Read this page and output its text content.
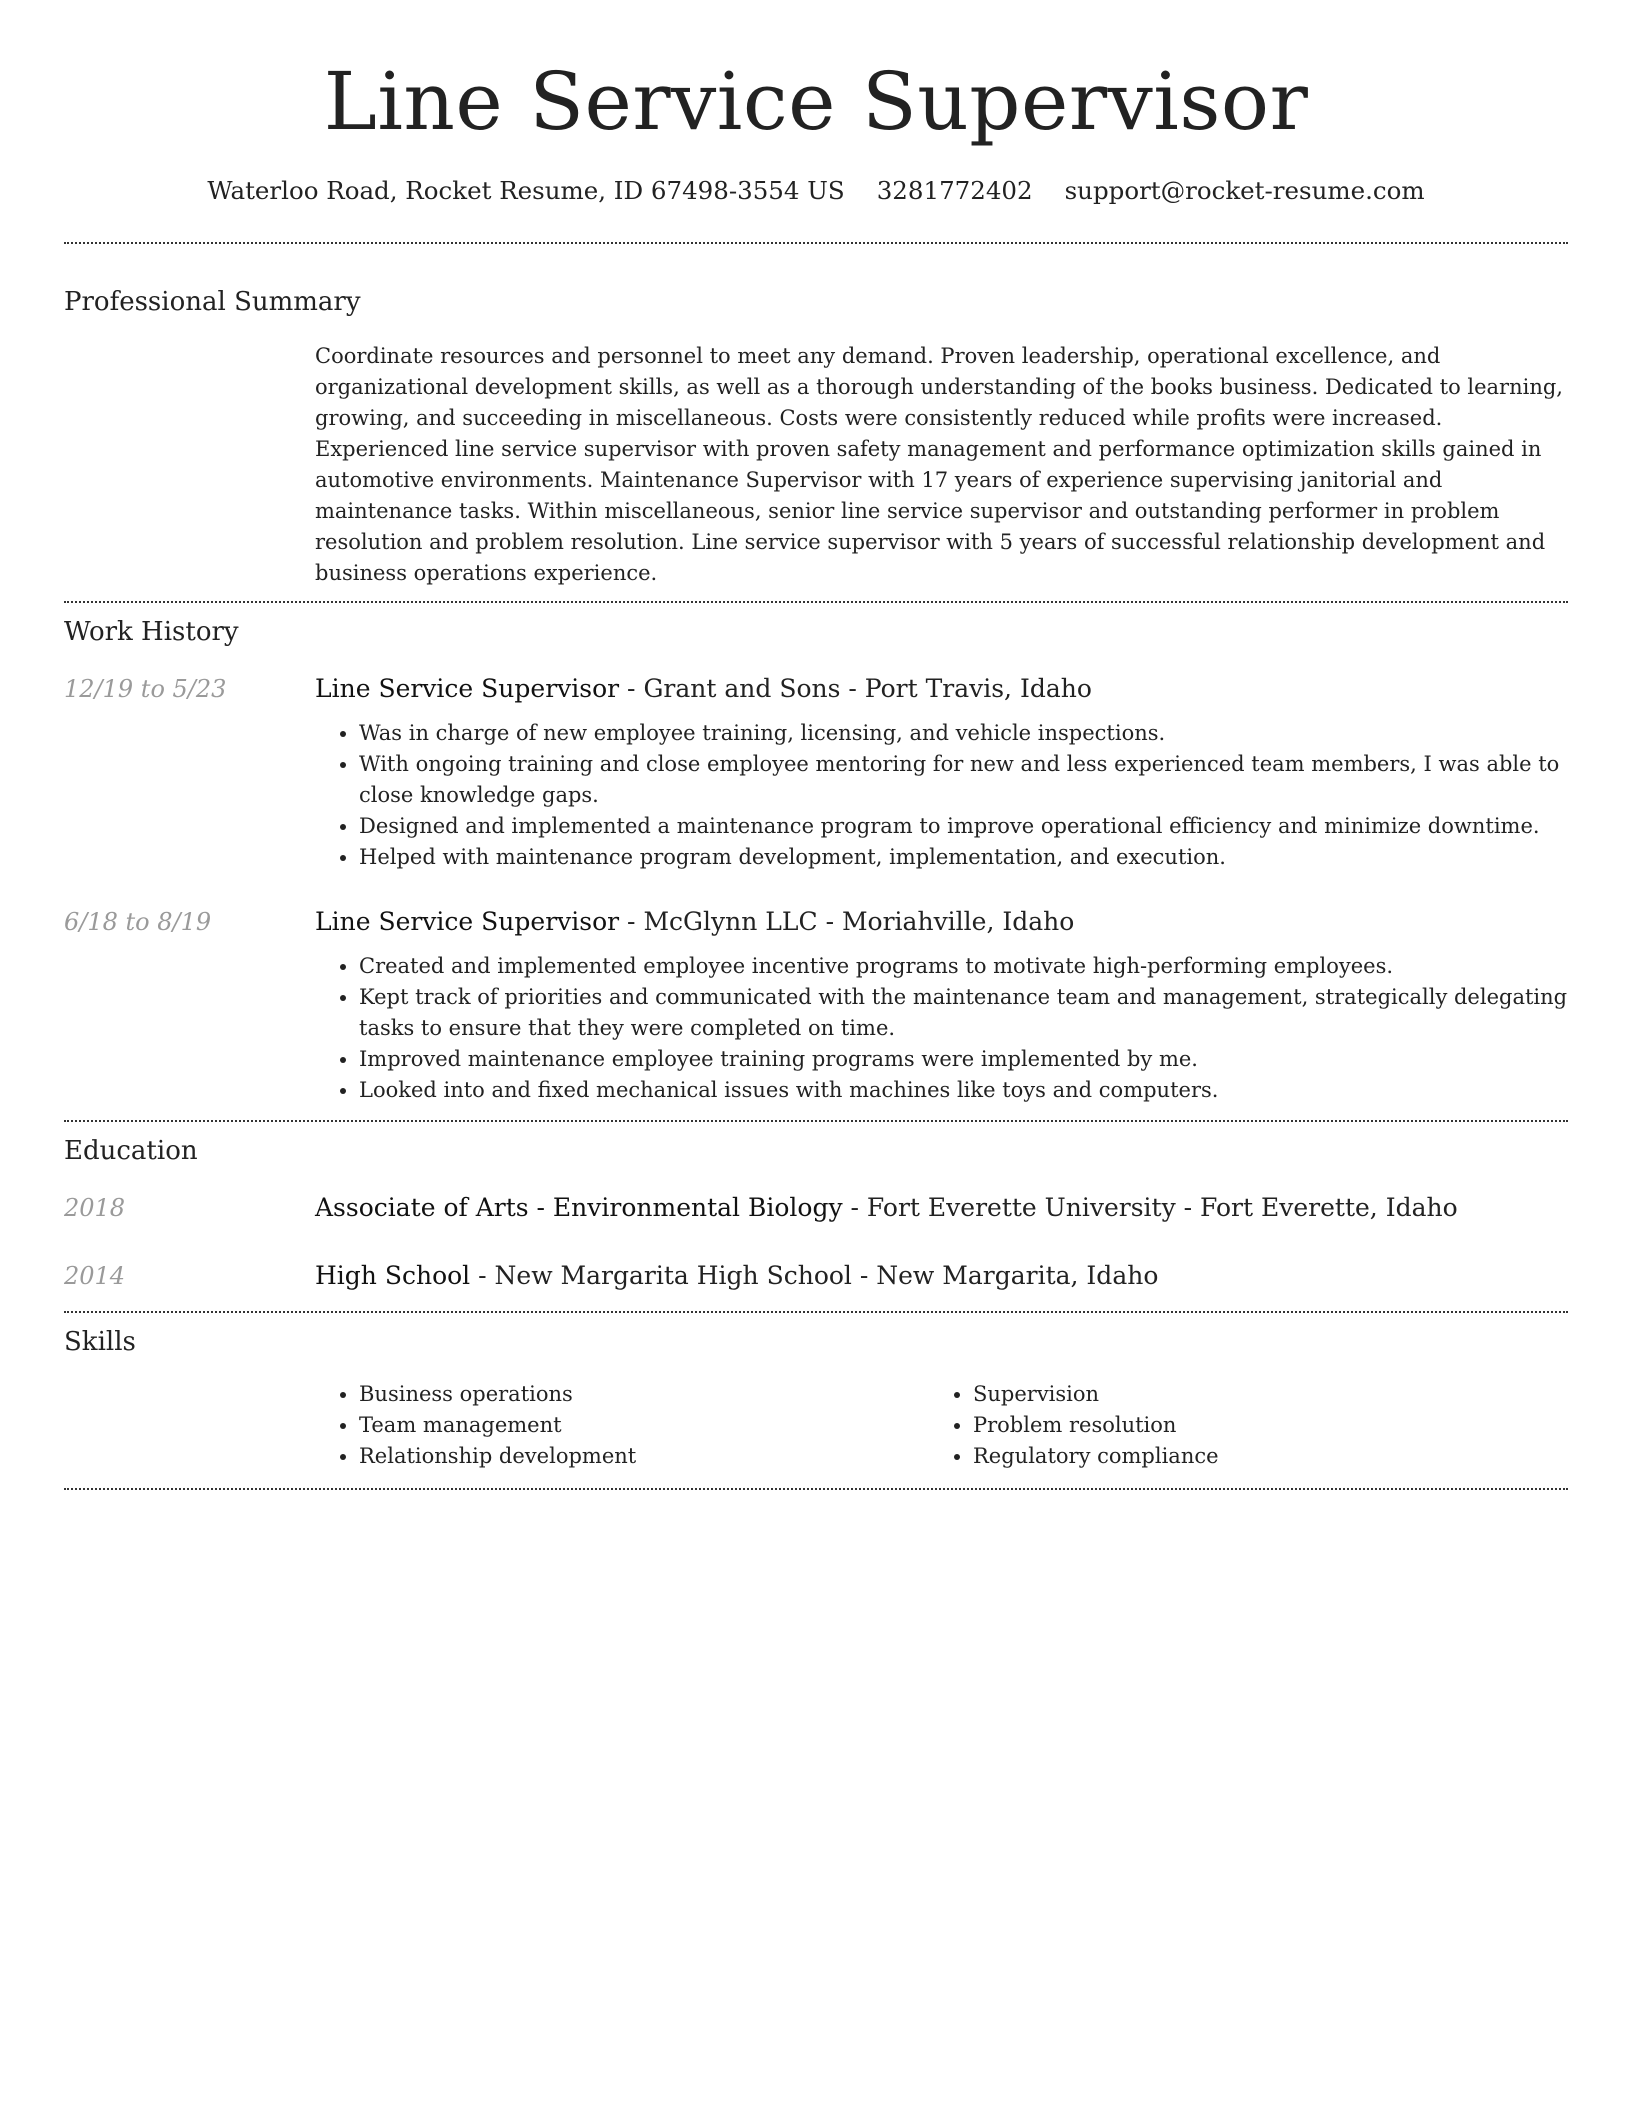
Line Service Supervisor
Waterloo Road, Rocket Resume, ID 67498-3554 US 3281772402 support@rocket-resume.com
Professional Summary

Coordinate resources and personnel to meet any demand. Proven leadership, operational excellence, and organizational development skills, as well as a thorough understanding of the books business. Dedicated to learning, growing, and succeeding in miscellaneous. Costs were consistently reduced while profits were increased. Experienced line service supervisor with proven safety management and performance optimization skills gained in automotive environments. Maintenance Supervisor with 17 years of experience supervising janitorial and maintenance tasks. Within miscellaneous, senior line service supervisor and outstanding performer in problem resolution and problem resolution. Line service supervisor with 5 years of successful relationship development and business operations experience.

Work History
12/19 to 5/23	Line Service Supervisor - Grant and Sons - Port Travis, Idaho
• Was in charge of new employee training, licensing, and vehicle inspections.
• With ongoing training and close employee mentoring for new and less experienced team members, I was able to close knowledge gaps.
• Designed and implemented a maintenance program to improve operational efficiency and minimize downtime.
• Helped with maintenance program development, implementation, and execution.
6/18 to 8/19	Line Service Supervisor - McGlynn LLC - Moriahville, Idaho
• Created and implemented employee incentive programs to motivate high-performing employees.
• Kept track of priorities and communicated with the maintenance team and management, strategically delegating tasks to ensure that they were completed on time.
• Improved maintenance employee training programs were implemented by me.
• Looked into and fixed mechanical issues with machines like toys and computers.
Education
2018	Associate of Arts - Environmental Biology - Fort Everette University - Fort Everette, Idaho
2014	High School - New Margarita High School - New Margarita, Idaho
Skills
• Business operations
• Team management
• Relationship development
• Supervision
• Problem resolution
• Regulatory compliance
